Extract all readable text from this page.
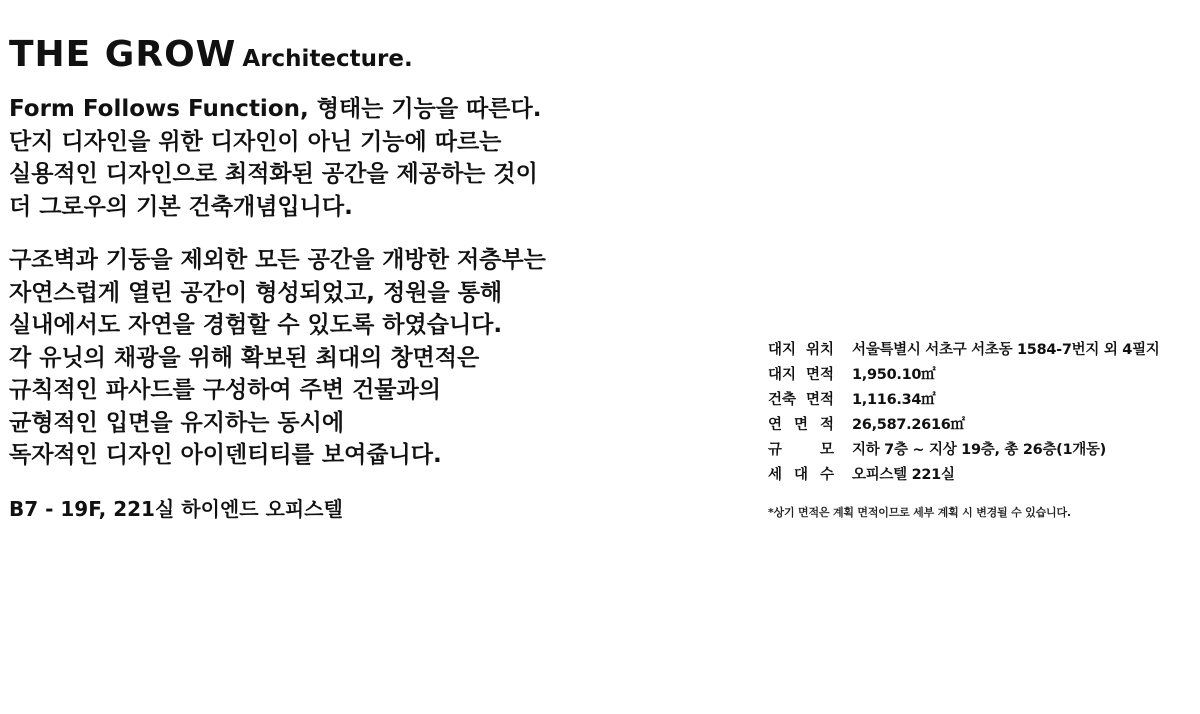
THE GROW Architecture.
Form Follows Function, 형태는 기능을 따른다.
단지 디자인을 위한 디자인이 아닌 기능에 따르는
실용적인 디자인으로 최적화된 공간을 제공하는 것이
더 그로우의 기본 건축개념입니다.
구조벽과 기둥을 제외한 모든 공간을 개방한 저층부는
자연스럽게 열린 공간이 형성되었고, 정원을 통해
실내에서도 자연을 경험할 수 있도록 하였습니다.
각 유닛의 채광을 위해 확보된 최대의 창면적은
규칙적인 파사드를 구성하여 주변 건물과의
균형적인 입면을 유지하는 동시에
독자적인 디자인 아이덴티티를 보여줍니다.
B7 - 19F, 221실 하이엔드 오피스텔
대지 위치 서울특별시 서초구 서초동 1584-7번지 외 4필지
대지 면적 1,950.10㎡
건축 면적 1,116.34㎡
연 면 적 26,587.2616㎡
규	모 지하 7층 ~ 지상 19층, 총 26층(1개동)
세 대 수 오피스텔 221실
*상기 면적은 계획 면적이므로 세부 계획 시 변경될 수 있습니다.
